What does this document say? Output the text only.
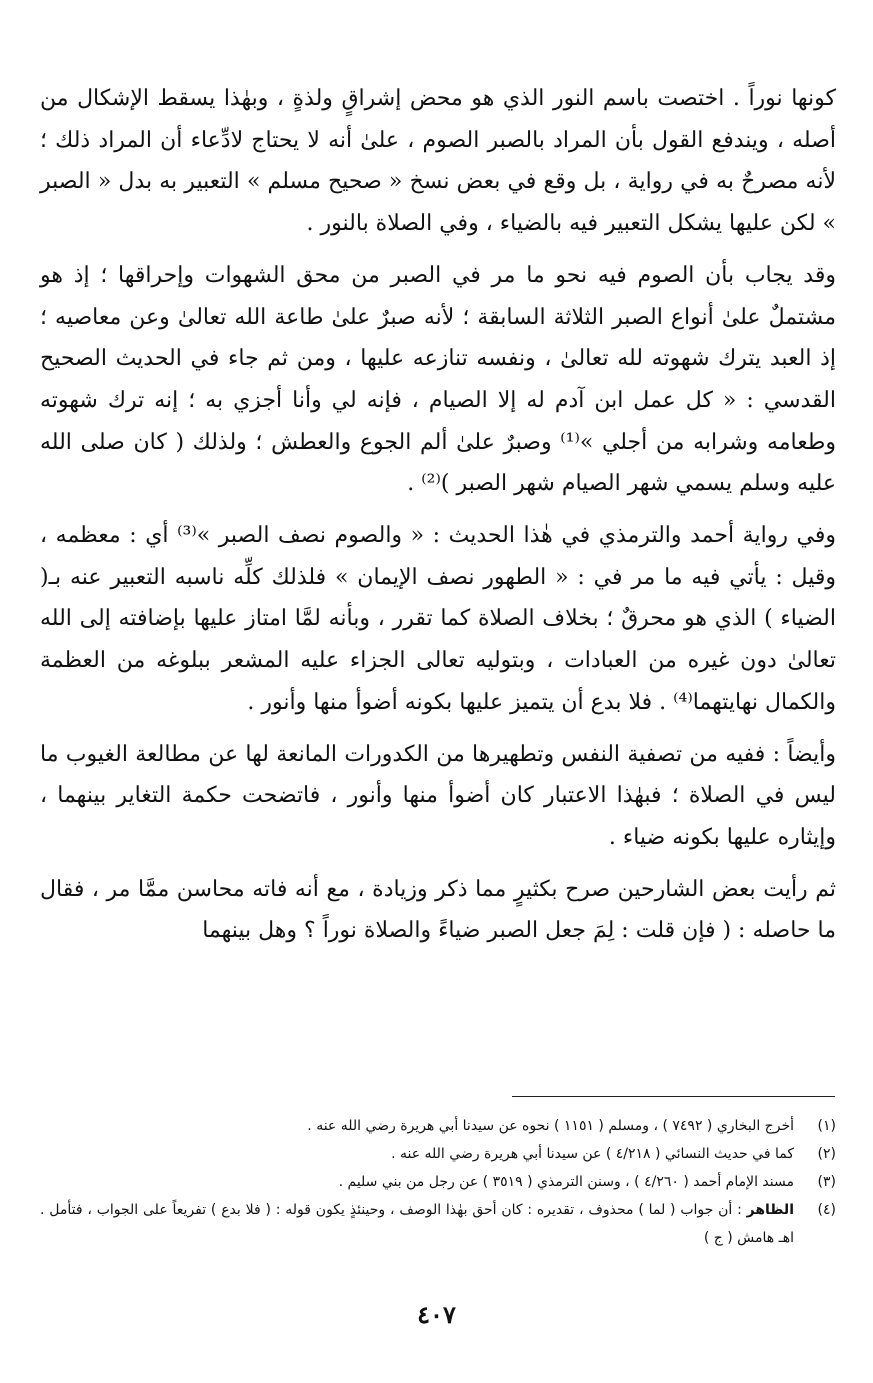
كونها نوراً . اختصت باسم النور الذي هو محض إشراقٍ ولذةٍ ، وبهٰذا يسقط الإشكال من أصله ، ويندفع القول بأن المراد بالصبر الصوم ، علىٰ أنه لا يحتاج لادِّعاء أن المراد ذلك ؛ لأنه مصرحٌ به في رواية ، بل وقع في بعض نسخ « صحيح مسلم » التعبير به بدل « الصبر » لكن عليها يشكل التعبير فيه بالضياء ، وفي الصلاة بالنور .

وقد يجاب بأن الصوم فيه نحو ما مر في الصبر من محق الشهوات وإحراقها ؛ إذ هو مشتملٌ علىٰ أنواع الصبر الثلاثة السابقة ؛ لأنه صبرٌ علىٰ طاعة الله تعالىٰ وعن معاصيه ؛ إذ العبد يترك شهوته لله تعالىٰ ، ونفسه تنازعه عليها ، ومن ثم جاء في الحديث الصحيح القدسي : « كل عمل ابن آدم له إلا الصيام ، فإنه لي وأنا أجزي به ؛ إنه ترك شهوته وطعامه وشرابه من أجلي »⁽¹⁾ وصبرٌ علىٰ ألم الجوع والعطش ؛ ولذلك ( كان صلى الله عليه وسلم يسمي شهر الصيام شهر الصبر )⁽²⁾ .

وفي رواية أحمد والترمذي في هٰذا الحديث : « والصوم نصف الصبر »⁽³⁾ أي : معظمه ، وقيل : يأتي فيه ما مر في : « الطهور نصف الإيمان » فلذلك كلِّه ناسبه التعبير عنه بـ( الضياء ) الذي هو محرقٌ ؛ بخلاف الصلاة كما تقرر ، وبأنه لمَّا امتاز عليها بإضافته إلى الله تعالىٰ دون غيره من العبادات ، وبتوليه تعالى الجزاء عليه المشعر ببلوغه من العظمة والكمال نهايتهما⁽⁴⁾ . فلا بدع أن يتميز عليها بكونه أضوأ منها وأنور .

وأيضاً : ففيه من تصفية النفس وتطهيرها من الكدورات المانعة لها عن مطالعة الغيوب ما ليس في الصلاة ؛ فبهٰذا الاعتبار كان أضوأ منها وأنور ، فاتضحت حكمة التغاير بينهما ، وإيثاره عليها بكونه ضياء .

ثم رأيت بعض الشارحين صرح بكثيرٍ مما ذكر وزيادة ، مع أنه فاته محاسن ممَّا مر ، فقال ما حاصله : ( فإن قلت : لِمَ جعل الصبر ضياءً والصلاة نوراً ؟ وهل بينهما

(١)
أخرج البخاري ( ٧٤٩٢ ) ، ومسلم ( ١١٥١ ) نحوه عن سيدنا أبي هريرة رضي الله عنه .
(٢)
كما في حديث النسائي ( ٤/٢١٨ ) عن سيدنا أبي هريرة رضي الله عنه .
(٣)
مسند الإمام أحمد ( ٤/٢٦٠ ) ، وسنن الترمذي ( ٣٥١٩ ) عن رجل من بني سليم .
(٤)
الظاهر : أن جواب ( لما ) محذوف ، تقديره : كان أحق بهٰذا الوصف ، وحينئذٍ يكون قوله : ( فلا بدع ) تفريعاً على الجواب ، فتأمل . اهـ هامش ( ج )
٤٠٧
